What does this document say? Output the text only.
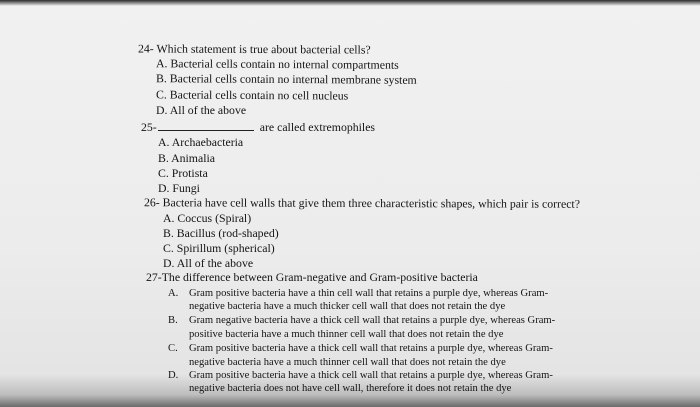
24- Which statement is true about bacterial cells?
A. Bacterial cells contain no internal compartments
B. Bacterial cells contain no internal membrane system
C. Bacterial cells contain no cell nucleus
D. All of the above
25-	are called extremophiles
A. Archaebacteria
B. Animalia
C. Protista
D. Fungi
26- Bacteria have cell walls that give them three characteristic shapes, which pair is correct?
A. Coccus (Spiral)
B. Bacillus (rod-shaped)
C. Spirillum (spherical)
D. All of the above
27-The difference between Gram-negative and Gram-positive bacteria
A. Gram positive bacteria have a thin cell wall that retains a purple dye, whereas Gram-
negative bacteria have a much thicker cell wall that does not retain the dye
B. Gram negative bacteria have a thick cell wall that retains a purple dye, whereas Gram-
positive bacteria have a much thinner cell wall that does not retain the dye
C. Gram positive bacteria have a thick cell wall that retains a purple dye, whereas Gram-
negative bacteria have a much thinner cell wall that does not retain the dye
D. Gram positive bacteria have a thick cell wall that retains a purple dye, whereas Gram-
negative bacteria does not have cell wall, therefore it does not retain the dye
